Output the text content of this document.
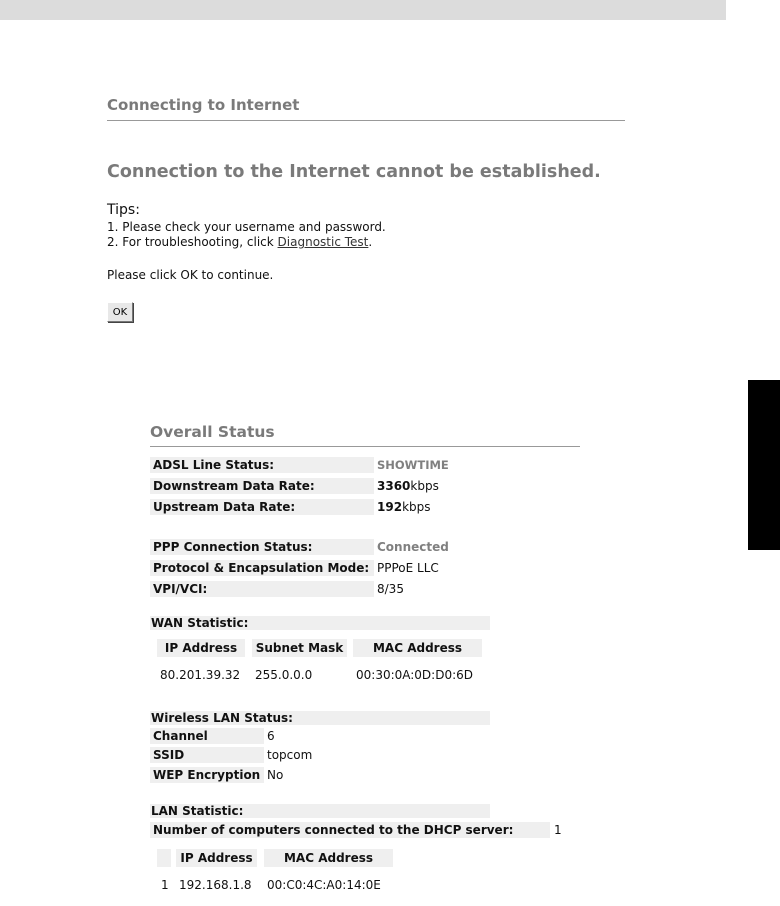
Connecting to Internet
Connection to the Internet cannot be established.
Tips:
1. Please check your username and password.
2. For troubleshooting, click Diagnostic Test.
Please click OK to continue.
OK
Overall Status
ADSL Line Status:	SHOWTIME
Downstream Data Rate:	3360kbps
Upstream Data Rate:	192kbps
PPP Connection Status:	Connected
Protocol & Encapsulation Mode: PPPoE LLC
VPI/VCI:	8/35
WAN Statistic:
IP Address	Subnet Mask	MAC Address
80.201.39.32 255.0.0.0	00:30:0A:0D:D0:6D
Wireless LAN Status:
Channel	6
SSID	topcom
WEP Encryption No
LAN Statistic:
Number of computers connected to the DHCP server:	1
IP Address	MAC Address
1 192.168.1.8 00:C0:4C:A0:14:0E
